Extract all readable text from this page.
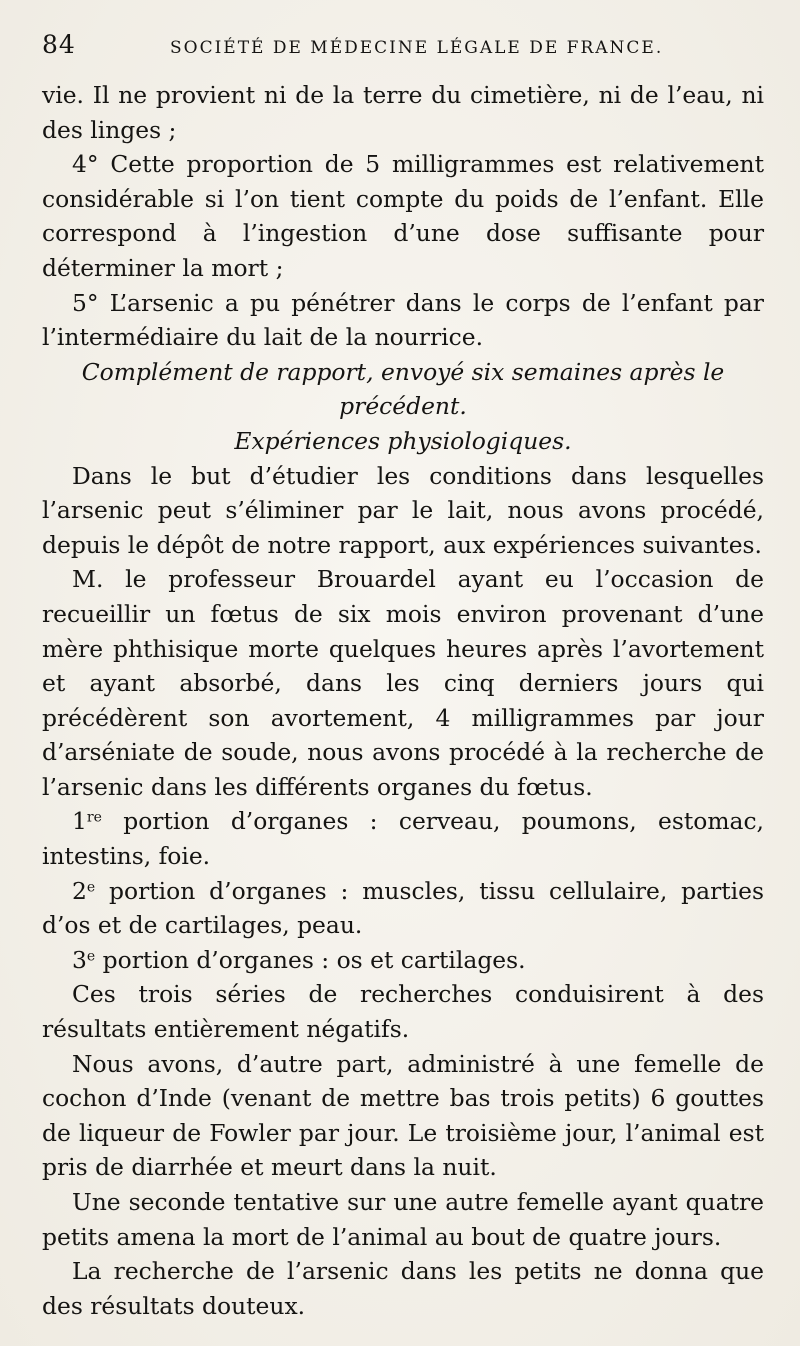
84	SOCIÉTÉ DE MÉDECINE LÉGALE DE FRANCE.

vie. Il ne provient ni de la terre du cimetière, ni de l’eau, ni des linges ;

4° Cette proportion de 5 milligrammes est relativement considérable si l’on tient compte du poids de l’enfant. Elle correspond à l’ingestion d’une dose suffisante pour déterminer la mort ;

5° L’arsenic a pu pénétrer dans le corps de l’enfant par l’intermédiaire du lait de la nourrice.

Complément de rapport, envoyé six semaines après le précédent.

Expériences physiologiques.

Dans le but d’étudier les conditions dans lesquelles l’arsenic peut s’éliminer par le lait, nous avons procédé, depuis le dépôt de notre rapport, aux expériences suivantes.

M. le professeur Brouardel ayant eu l’occasion de recueillir un fœtus de six mois environ provenant d’une mère phthisique morte quelques heures après l’avortement et ayant absorbé, dans les cinq derniers jours qui précédèrent son avortement, 4 milligrammes par jour d’arséniate de soude, nous avons procédé à la recherche de l’arsenic dans les différents organes du fœtus.

1re portion d’organes : cerveau, poumons, estomac, intestins, foie.

2e portion d’organes : muscles, tissu cellulaire, parties d’os et de cartilages, peau.

3e portion d’organes : os et cartilages.

Ces trois séries de recherches conduisirent à des résultats entièrement négatifs.

Nous avons, d’autre part, administré à une femelle de cochon d’Inde (venant de mettre bas trois petits) 6 gouttes de liqueur de Fowler par jour. Le troisième jour, l’animal est pris de diarrhée et meurt dans la nuit.

Une seconde tentative sur une autre femelle ayant quatre petits amena la mort de l’animal au bout de quatre jours.

La recherche de l’arsenic dans les petits ne donna que des résultats douteux.
